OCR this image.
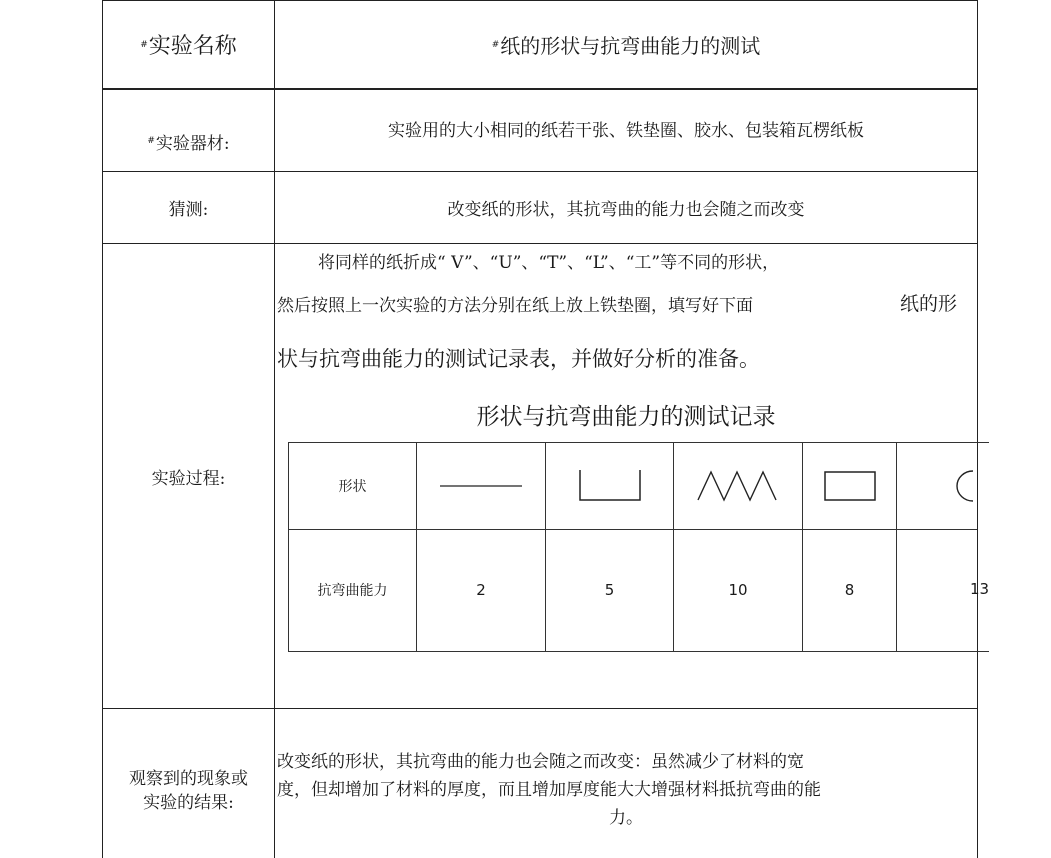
# 实验名称	# 纸的形状与抗弯曲能力的测试
# 实验器材:
实验用的大小相同的纸若干张、铁垫圈、胶水、包装箱瓦楞纸板
猜测:	改变纸的形状，其抗弯曲的能力也会随之而改变
实验过程:
将同样的纸折成“ V”、“U”、“T”、“L”、“工”等不同的形状，
然后按照上一次实验的方法分别在纸上放上铁垫圈，填写好下面	纸的形
状与抗弯曲能力的测试记录表，并做好分析的准备。
形状与抗弯曲能力的测试记录
形状
抗弯曲能力	2	5	10	8	13
观察到的现象或
实验的结果:
改变纸的形状，其抗弯曲的能力也会随之而改变：虽然减少了材料的宽
度，但却增加了材料的厚度，而且增加厚度能大大增强材料抵抗弯曲的能
力。
